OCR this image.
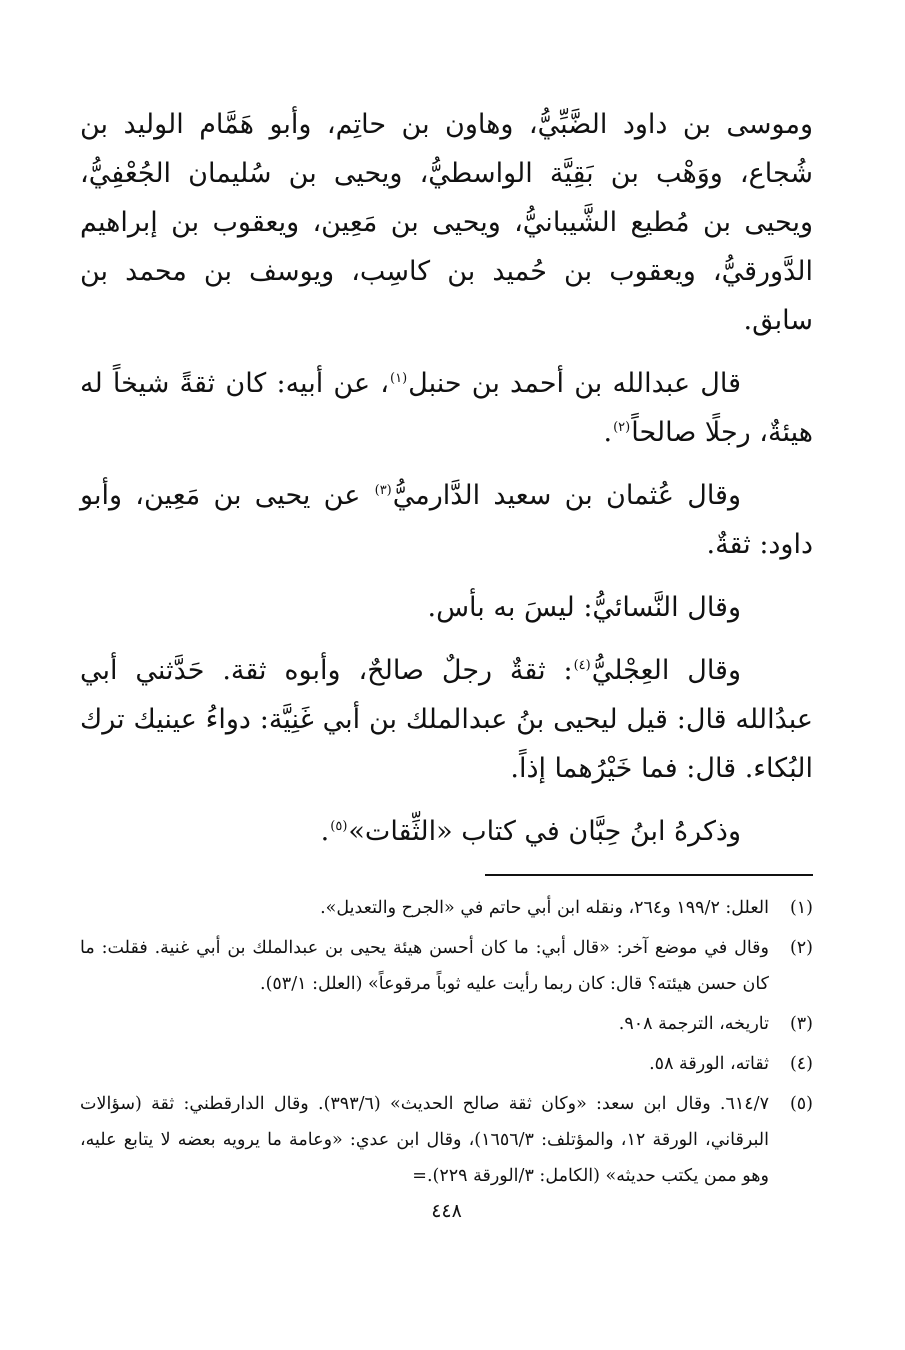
وموسى بن داود الضَّبِّيُّ، وهاون بن حاتِم، وأبو هَمَّام الوليد بن شُجاع، ووَهْب بن بَقِيَّة الواسطيُّ، ويحيى بن سُليمان الجُعْفِيُّ، ويحيى بن مُطيع الشَّيبانيُّ، ويحيى بن مَعِين، ويعقوب بن إبراهيم الدَّورقيُّ، ويعقوب بن حُميد بن كاسِب، ويوسف بن محمد بن سابق.

قال عبدالله بن أحمد بن حنبل$^{(١)}$، عن أبيه: كان ثقةً شيخاً له هيئةٌ، رجلًا صالحاً$^{(٢)}$.

وقال عُثمان بن سعيد الدَّارميُّ$^{(٣)}$ عن يحيى بن مَعِين، وأبو داود: ثقةٌ.

وقال النَّسائيُّ: ليسَ به بأس.

وقال العِجْليُّ$^{(٤)}$: ثقةٌ رجلٌ صالحٌ، وأبوه ثقة. حَدَّثني أبي عبدُالله قال: قيل ليحيى بنُ عبدالملك بن أبي غَنِيَّة: دواءُ عينيك ترك البُكاء. قال: فما خَيْرُهما إذاً.

وذكرهُ ابنُ حِبَّان في كتاب «الثِّقات»$^{(٥)}$.

(١)
العلل: ١٩٩/٢ و٢٦٤، ونقله ابن أبي حاتم في «الجرح والتعديل».
(٢)
وقال في موضع آخر: «قال أبي: ما كان أحسن هيئة يحيى بن عبدالملك بن أبي غنية. فقلت: ما كان حسن هيئته؟ قال: كان ربما رأيت عليه ثوباً مرقوعاً» (العلل: ٥٣/١).
(٣)
تاريخه، الترجمة ٩٠٨.
(٤)
ثقاته، الورقة ٥٨.
(٥)
٦١٤/٧. وقال ابن سعد: «وكان ثقة صالح الحديث» (٣٩٣/٦). وقال الدارقطني: ثقة (سؤالات البرقاني، الورقة ١٢، والمؤتلف: ١٦٥٦/٣)، وقال ابن عدي: «وعامة ما يرويه بعضه لا يتابع عليه، وهو ممن يكتب حديثه» (الكامل: ٣/الورقة ٢٢٩).=
٤٤٨
